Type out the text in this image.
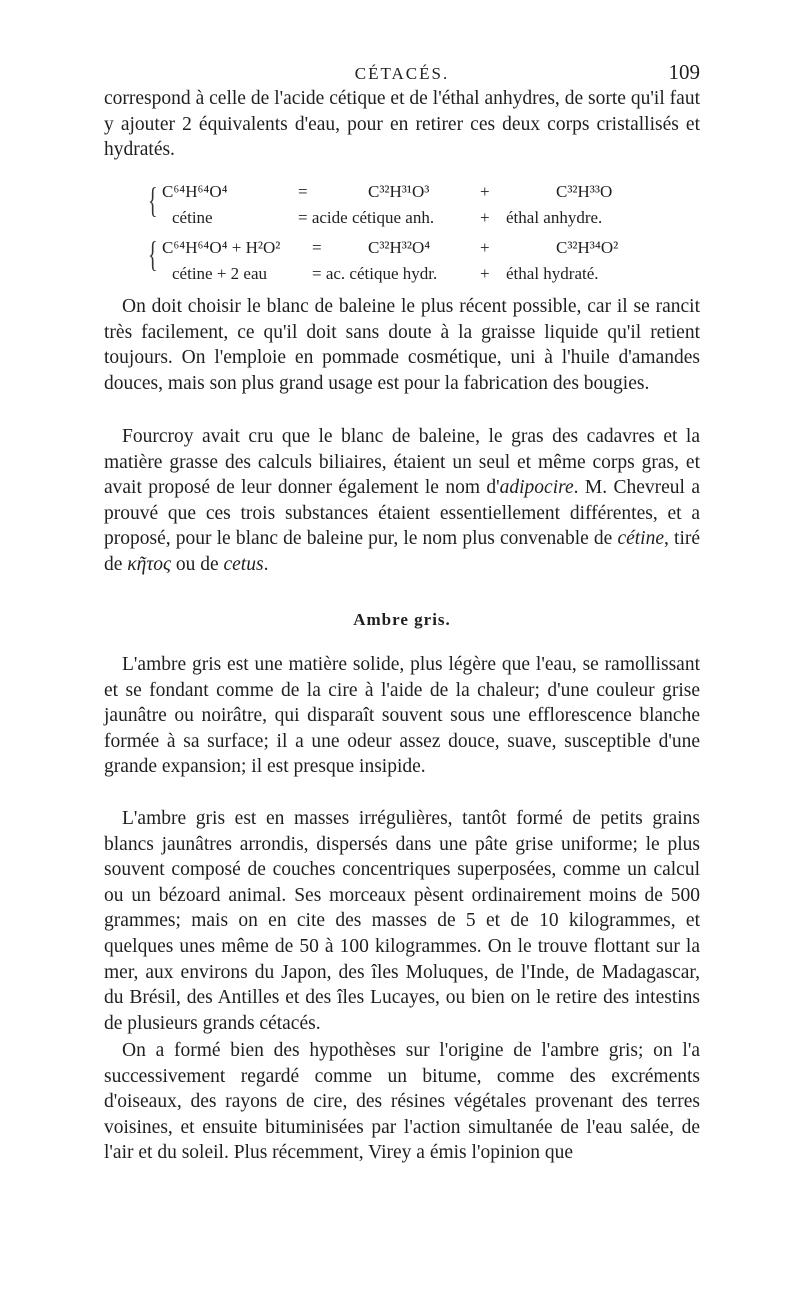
CÉTACÉS.	109

correspond à celle de l'acide cétique et de l'éthal anhydres, de sorte qu'il faut y ajouter 2 équivalents d'eau, pour en retirer ces deux corps cristallisés et hydratés.

{ C⁶⁴H⁶⁴O⁴	=	C³²H³¹O³	+	C³²H³³O
cétine	= acide cétique anh.	+ éthal anhydre.
{ C⁶⁴H⁶⁴O⁴ + H²O² =	C³²H³²O⁴	+	C³²H³⁴O²
cétine + 2 eau	= ac. cétique hydr.	+ éthal hydraté.

On doit choisir le blanc de baleine le plus récent possible, car il se rancit très facilement, ce qu'il doit sans doute à la graisse liquide qu'il retient toujours. On l'emploie en pommade cosmétique, uni à l'huile d'amandes douces, mais son plus grand usage est pour la fabrication des bougies.

Fourcroy avait cru que le blanc de baleine, le gras des cadavres et la matière grasse des calculs biliaires, étaient un seul et même corps gras, et avait proposé de leur donner également le nom d'adipocire. M. Chevreul a prouvé que ces trois substances étaient essentiellement différentes, et a proposé, pour le blanc de baleine pur, le nom plus convenable de cétine, tiré de κῆτος ou de cetus.

Ambre gris.

L'ambre gris est une matière solide, plus légère que l'eau, se ramollissant et se fondant comme de la cire à l'aide de la chaleur; d'une couleur grise jaunâtre ou noirâtre, qui disparaît souvent sous une efflorescence blanche formée à sa surface; il a une odeur assez douce, suave, susceptible d'une grande expansion; il est presque insipide.

L'ambre gris est en masses irrégulières, tantôt formé de petits grains blancs jaunâtres arrondis, dispersés dans une pâte grise uniforme; le plus souvent composé de couches concentriques superposées, comme un calcul ou un bézoard animal. Ses morceaux pèsent ordinairement moins de 500 grammes; mais on en cite des masses de 5 et de 10 kilogrammes, et quelques unes même de 50 à 100 kilogrammes. On le trouve flottant sur la mer, aux environs du Japon, des îles Moluques, de l'Inde, de Madagascar, du Brésil, des Antilles et des îles Lucayes, ou bien on le retire des intestins de plusieurs grands cétacés.

On a formé bien des hypothèses sur l'origine de l'ambre gris; on l'a successivement regardé comme un bitume, comme des excréments d'oiseaux, des rayons de cire, des résines végétales provenant des terres voisines, et ensuite bituminisées par l'action simultanée de l'eau salée, de l'air et du soleil. Plus récemment, Virey a émis l'opinion que
